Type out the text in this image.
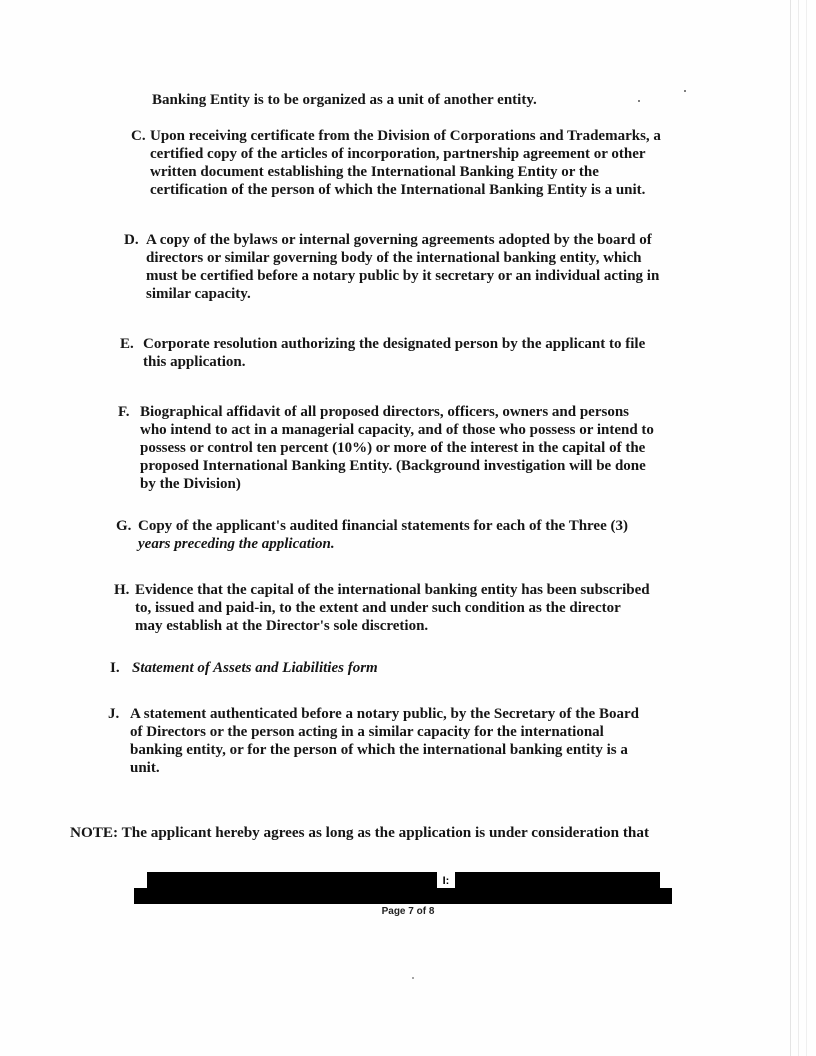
Banking Entity is to be organized as a unit of another entity.
C. Upon receiving certificate from the Division of Corporations and Trademarks, a
certified copy of the articles of incorporation, partnership agreement or other
written document establishing the International Banking Entity or the
certification of the person of which the International Banking Entity is a unit.
D. A copy of the bylaws or internal governing agreements adopted by the board of
directors or similar governing body of the international banking entity, which
must be certified before a notary public by it secretary or an individual acting in
similar capacity.
E. Corporate resolution authorizing the designated person by the applicant to file
this application.
F. Biographical affidavit of all proposed directors, officers, owners and persons
who intend to act in a managerial capacity, and of those who possess or intend to
possess or control ten percent (10%) or more of the interest in the capital of the
proposed International Banking Entity. (Background investigation will be done
by the Division)
G. Copy of the applicant's audited financial statements for each of the Three (3)
years preceding the application.
H. Evidence that the capital of the international banking entity has been subscribed
to, issued and paid-in, to the extent and under such condition as the director
may establish at the Director's sole discretion.
I. Statement of Assets and Liabilities form
J. A statement authenticated before a notary public, by the Secretary of the Board
of Directors or the person acting in a similar capacity for the international
banking entity, or for the person of which the international banking entity is a
unit.
NOTE: The applicant hereby agrees as long as the application is under consideration that
I:
Page 7 of 8
